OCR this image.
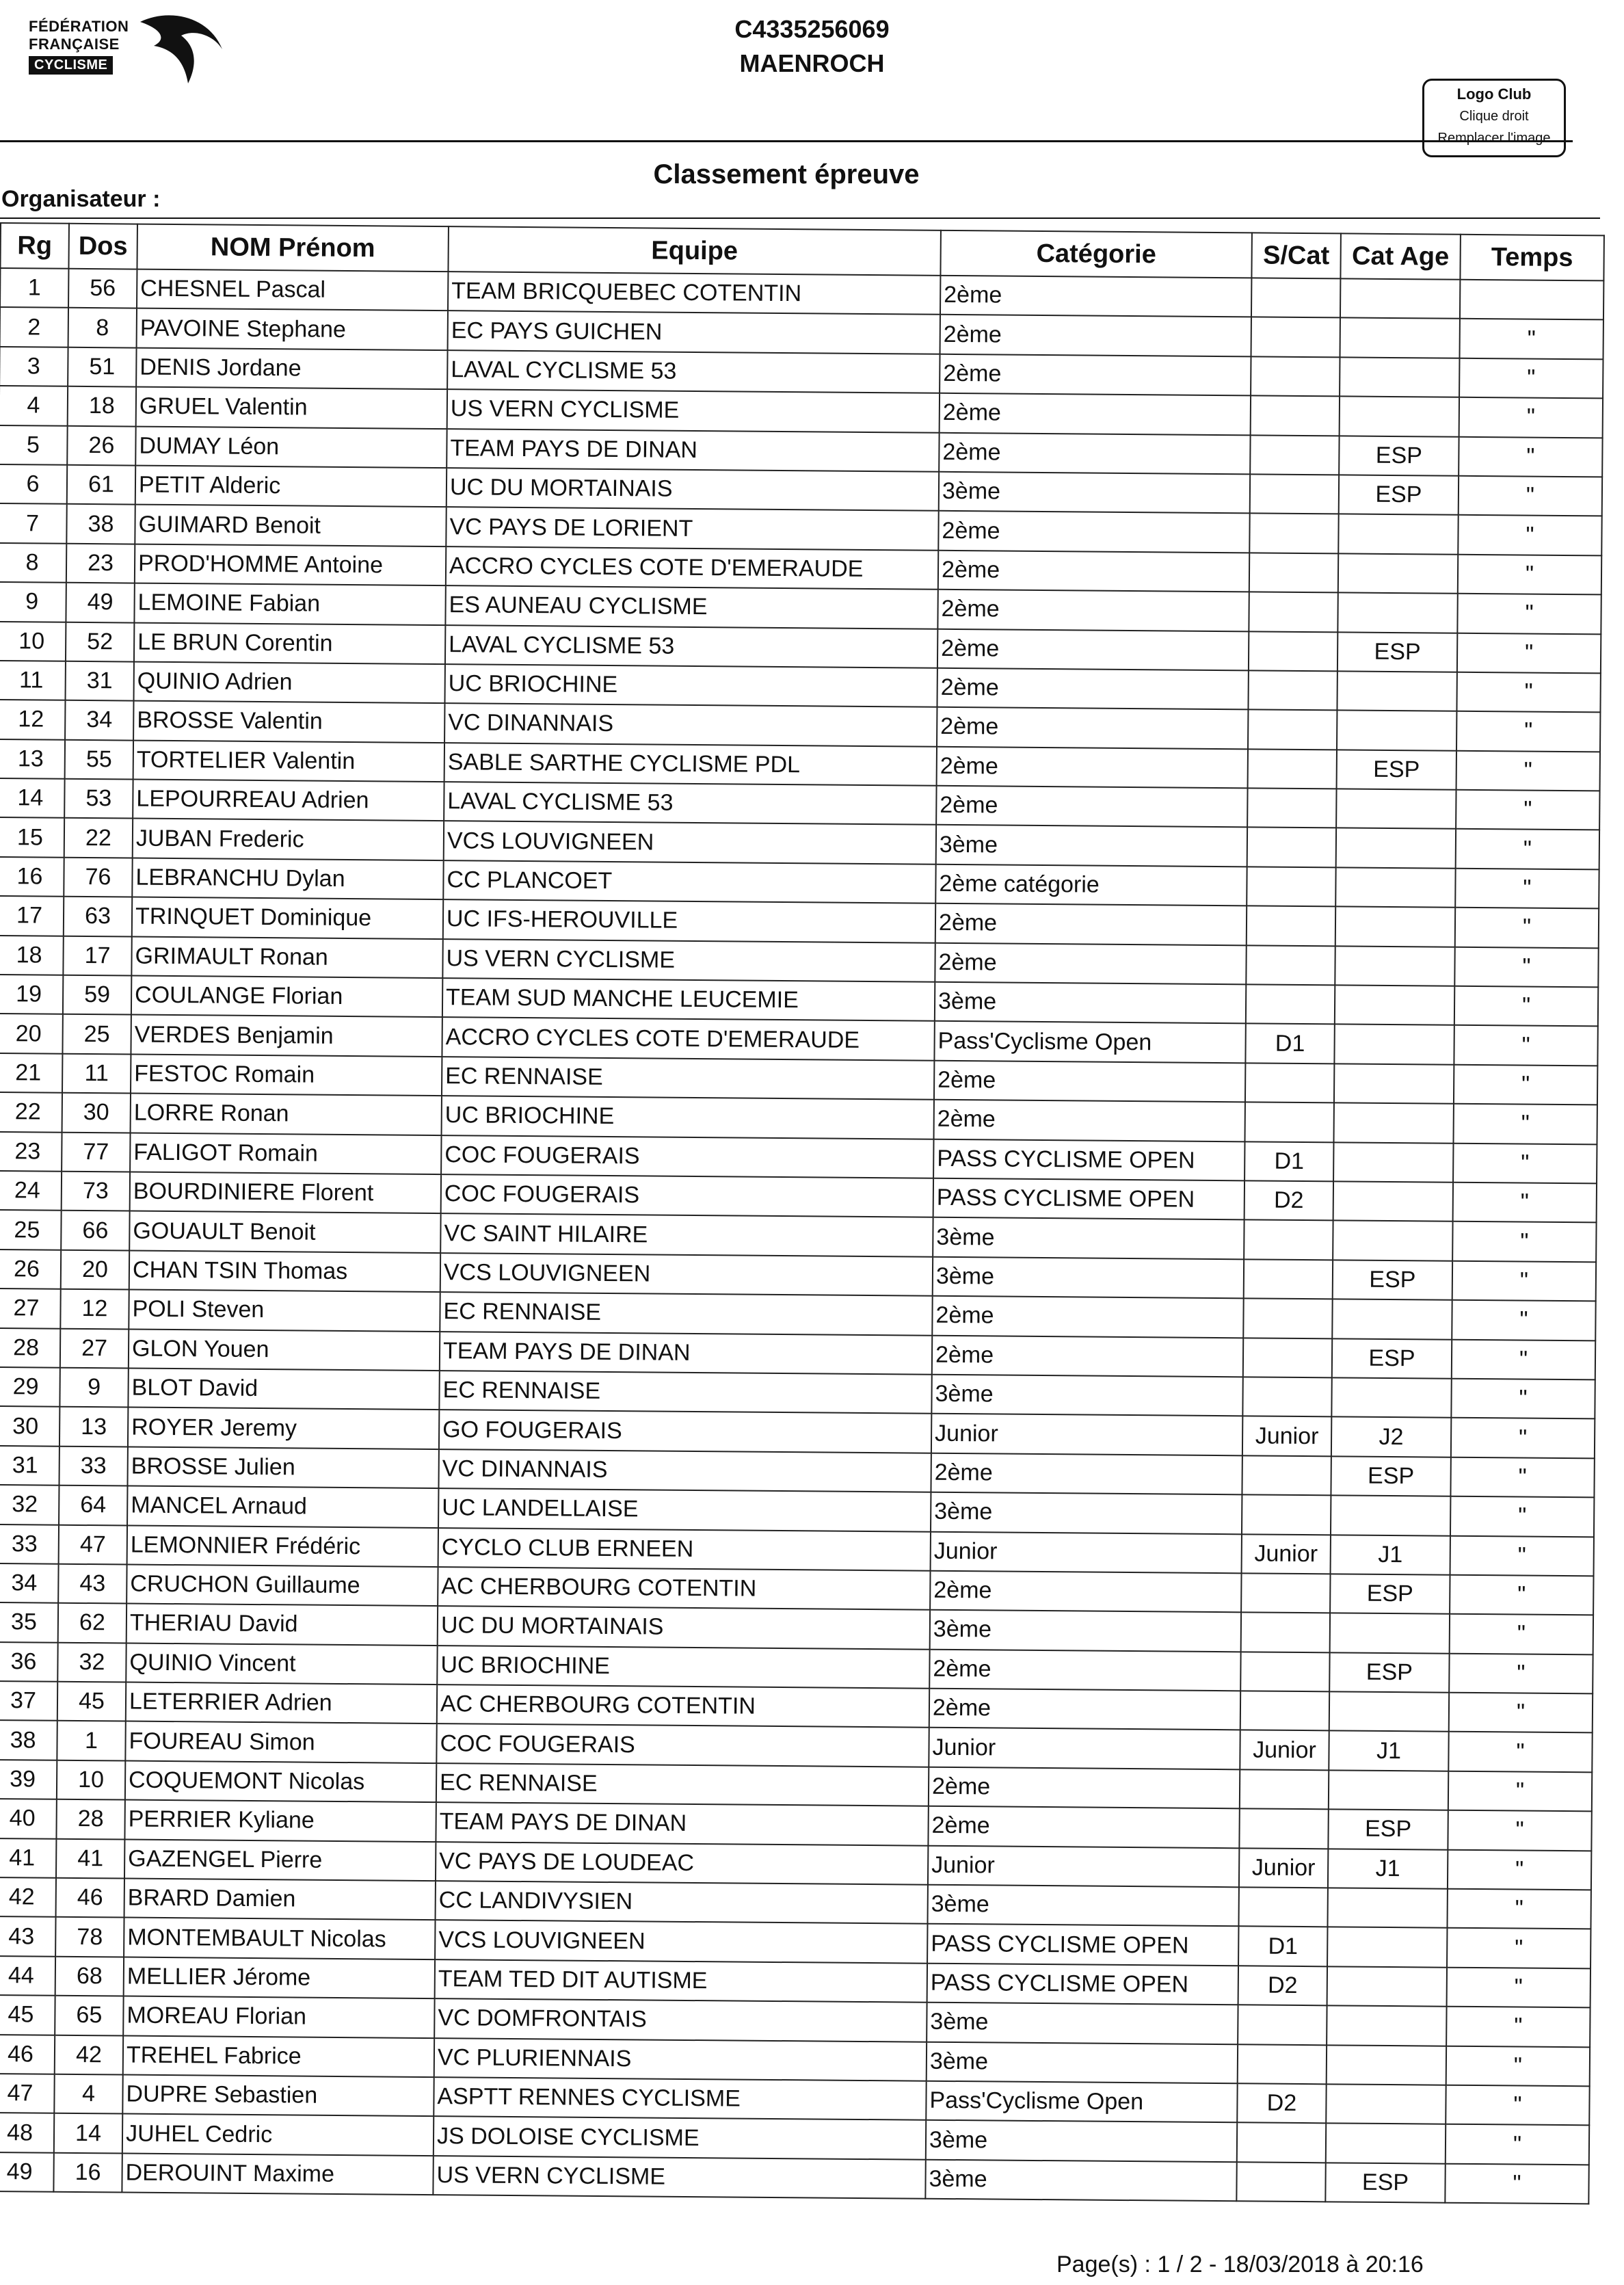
FÉDÉRATION
FRANÇAISE
CYCLISME
C4335256069
MAENROCH
Logo Club
Clique droit
Remplacer l'image
Classement épreuve
Organisateur :
Rg	Dos	NOM Prénom	Equipe	Catégorie	S/Cat	Cat Age	Temps
1	56	CHESNEL Pascal	TEAM BRICQUEBEC COTENTIN	2ème			
2	8	PAVOINE Stephane	EC PAYS GUICHEN	2ème			"
3	51	DENIS Jordane	LAVAL CYCLISME 53	2ème			"
4	18	GRUEL Valentin	US VERN CYCLISME	2ème			"
5	26	DUMAY Léon	TEAM PAYS DE DINAN	2ème		ESP	"
6	61	PETIT Alderic	UC DU MORTAINAIS	3ème		ESP	"
7	38	GUIMARD Benoit	VC PAYS DE LORIENT	2ème			"
8	23	PROD'HOMME Antoine	ACCRO CYCLES COTE D'EMERAUDE	2ème			"
9	49	LEMOINE Fabian	ES AUNEAU CYCLISME	2ème			"
10	52	LE BRUN Corentin	LAVAL CYCLISME 53	2ème		ESP	"
11	31	QUINIO Adrien	UC BRIOCHINE	2ème			"
12	34	BROSSE Valentin	VC DINANNAIS	2ème			"
13	55	TORTELIER Valentin	SABLE SARTHE CYCLISME PDL	2ème		ESP	"
14	53	LEPOURREAU Adrien	LAVAL CYCLISME 53	2ème			"
15	22	JUBAN Frederic	VCS LOUVIGNEEN	3ème			"
16	76	LEBRANCHU Dylan	CC PLANCOET	2ème catégorie			"
17	63	TRINQUET Dominique	UC IFS-HEROUVILLE	2ème			"
18	17	GRIMAULT Ronan	US VERN CYCLISME	2ème			"
19	59	COULANGE Florian	TEAM SUD MANCHE LEUCEMIE	3ème			"
20	25	VERDES Benjamin	ACCRO CYCLES COTE D'EMERAUDE	Pass'Cyclisme Open	D1		"
21	11	FESTOC Romain	EC RENNAISE	2ème			"
22	30	LORRE Ronan	UC BRIOCHINE	2ème			"
23	77	FALIGOT Romain	COC FOUGERAIS	PASS CYCLISME OPEN	D1		"
24	73	BOURDINIERE Florent	COC FOUGERAIS	PASS CYCLISME OPEN	D2		"
25	66	GOUAULT Benoit	VC SAINT HILAIRE	3ème			"
26	20	CHAN TSIN Thomas	VCS LOUVIGNEEN	3ème		ESP	"
27	12	POLI Steven	EC RENNAISE	2ème			"
28	27	GLON Youen	TEAM PAYS DE DINAN	2ème		ESP	"
29	9	BLOT David	EC RENNAISE	3ème			"
30	13	ROYER Jeremy	GO FOUGERAIS	Junior	Junior	J2	"
31	33	BROSSE Julien	VC DINANNAIS	2ème		ESP	"
32	64	MANCEL Arnaud	UC LANDELLAISE	3ème			"
33	47	LEMONNIER Frédéric	CYCLO CLUB ERNEEN	Junior	Junior	J1	"
34	43	CRUCHON Guillaume	AC CHERBOURG COTENTIN	2ème		ESP	"
35	62	THERIAU David	UC DU MORTAINAIS	3ème			"
36	32	QUINIO Vincent	UC BRIOCHINE	2ème		ESP	"
37	45	LETERRIER Adrien	AC CHERBOURG COTENTIN	2ème			"
38	1	FOUREAU Simon	COC FOUGERAIS	Junior	Junior	J1	"
39	10	COQUEMONT Nicolas	EC RENNAISE	2ème			"
40	28	PERRIER Kyliane	TEAM PAYS DE DINAN	2ème		ESP	"
41	41	GAZENGEL Pierre	VC PAYS DE LOUDEAC	Junior	Junior	J1	"
42	46	BRARD Damien	CC LANDIVYSIEN	3ème			"
43	78	MONTEMBAULT Nicolas	VCS LOUVIGNEEN	PASS CYCLISME OPEN	D1		"
44	68	MELLIER Jérome	TEAM TED DIT AUTISME	PASS CYCLISME OPEN	D2		"
45	65	MOREAU Florian	VC DOMFRONTAIS	3ème			"
46	42	TREHEL Fabrice	VC PLURIENNAIS	3ème			"
47	4	DUPRE Sebastien	ASPTT RENNES CYCLISME	Pass'Cyclisme Open	D2		"
48	14	JUHEL Cedric	JS DOLOISE CYCLISME	3ème			"
49	16	DEROUINT Maxime	US VERN CYCLISME	3ème		ESP	"
Page(s) : 1 / 2 - 18/03/2018 à 20:16
